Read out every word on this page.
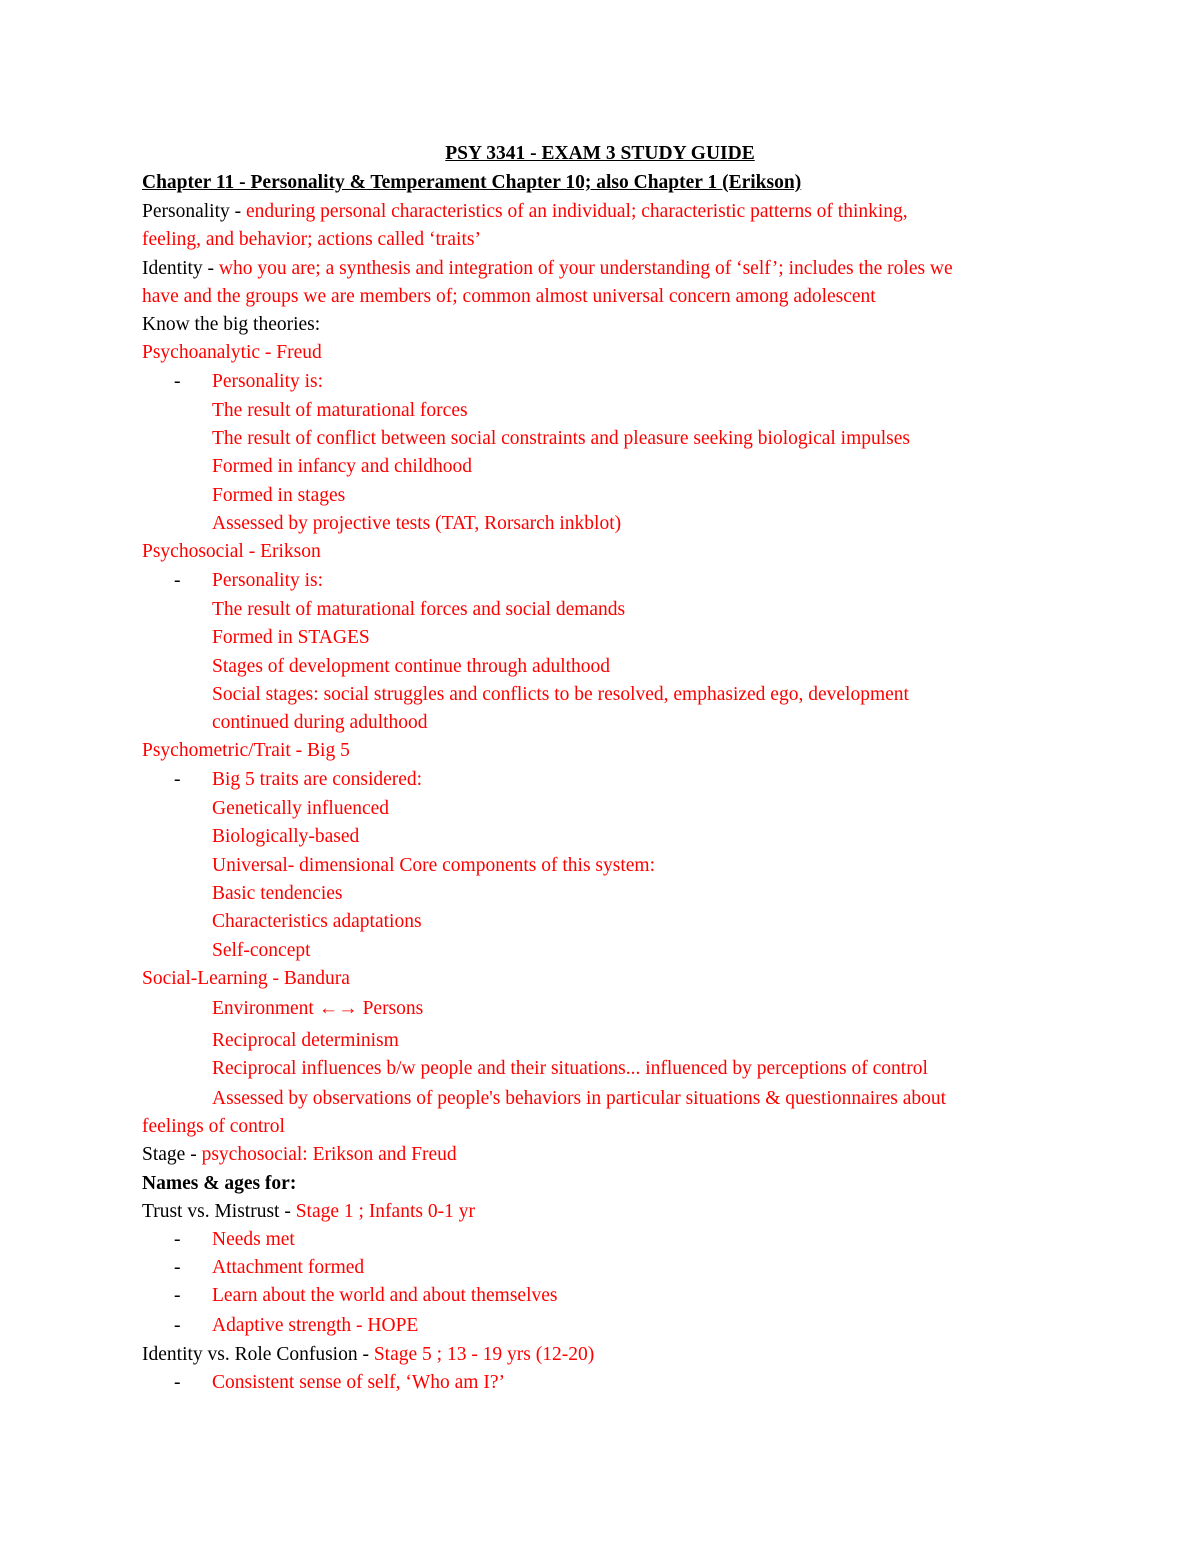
PSY 3341 - EXAM 3 STUDY GUIDE
Chapter 11 - Personality & Temperament Chapter 10; also Chapter 1 (Erikson)
Personality - enduring personal characteristics of an individual; characteristic patterns of thinking,
feeling, and behavior; actions called ‘traits’
Identity - who you are; a synthesis and integration of your understanding of ‘self’; includes the roles we
have and the groups we are members of; common almost universal concern among adolescent
Know the big theories:
Psychoanalytic - Freud
-	Personality is:
The result of maturational forces
The result of conflict between social constraints and pleasure seeking biological impulses
Formed in infancy and childhood
Formed in stages
Assessed by projective tests (TAT, Rorsarch inkblot)
Psychosocial - Erikson
-	Personality is:
The result of maturational forces and social demands
Formed in STAGES
Stages of development continue through adulthood
Social stages: social struggles and conflicts to be resolved, emphasized ego, development
continued during adulthood
Psychometric/Trait - Big 5
-	Big 5 traits are considered:
Genetically influenced
Biologically-based
Universal- dimensional Core components of this system:
Basic tendencies
Characteristics adaptations
Self-concept
Social-Learning - Bandura
Environment ←→ Persons
Reciprocal determinism
Reciprocal influences b/w people and their situations... influenced by perceptions of control
Assessed by observations of people's behaviors in particular situations & questionnaires about
feelings of control
Stage - psychosocial: Erikson and Freud
Names & ages for:
Trust vs. Mistrust - Stage 1 ; Infants 0-1 yr
-	Needs met
-	Attachment formed
-	Learn about the world and about themselves
-	Adaptive strength - HOPE
Identity vs. Role Confusion - Stage 5 ; 13 - 19 yrs (12-20)
-	Consistent sense of self, ‘Who am I?’
